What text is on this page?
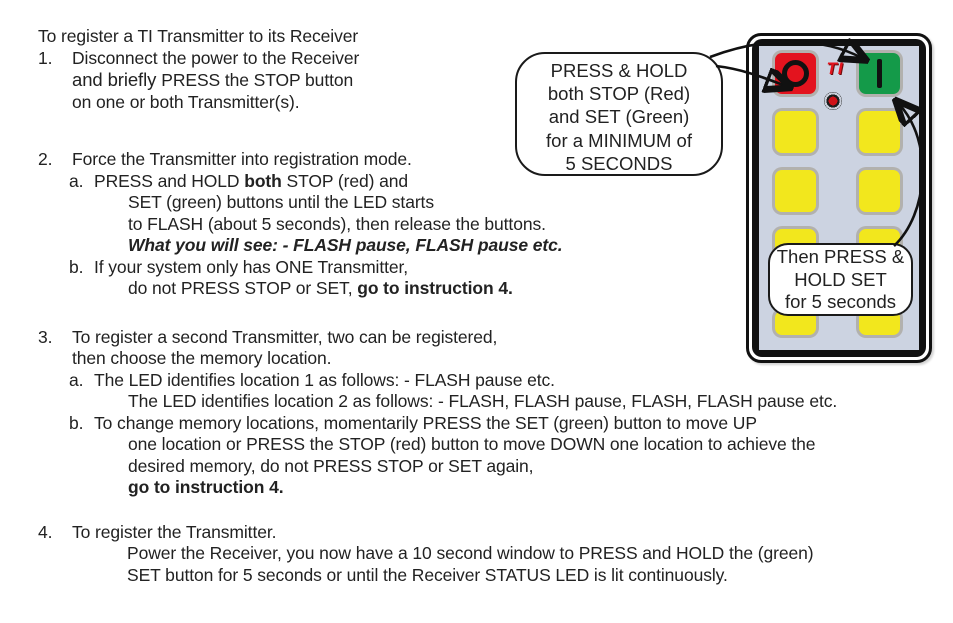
To register a TI Transmitter to its Receiver
1. Disconnect the power to the Receiver
and briefly PRESS the STOP button
on one or both Transmitter(s).
2. Force the Transmitter into registration mode.
a. PRESS and HOLD both STOP (red) and
SET (green) buttons until the LED starts
to FLASH (about 5 seconds), then release the buttons.
What you will see: - FLASH pause, FLASH pause etc.
b. If your system only has ONE Transmitter,
do not PRESS STOP or SET, go to instruction 4.
3. To register a second Transmitter, two can be registered,
then choose the memory location.
a. The LED identifies location 1 as follows: - FLASH pause etc.
The LED identifies location 2 as follows: - FLASH, FLASH pause, FLASH, FLASH pause etc.
b. To change memory locations, momentarily PRESS the SET (green) button to move UP
one location or PRESS the STOP (red) button to move DOWN one location to achieve the
desired memory, do not PRESS STOP or SET again,
go to instruction 4.
4. To register the Transmitter.
Power the Receiver, you now have a 10 second window to PRESS and HOLD the (green)
SET button for 5 seconds or until the Receiver STATUS LED is lit continuously.
TI
PRESS & HOLD
both STOP (Red)
and SET (Green)
for a MINIMUM of
5 SECONDS
Then PRESS &
HOLD SET
for 5 seconds
